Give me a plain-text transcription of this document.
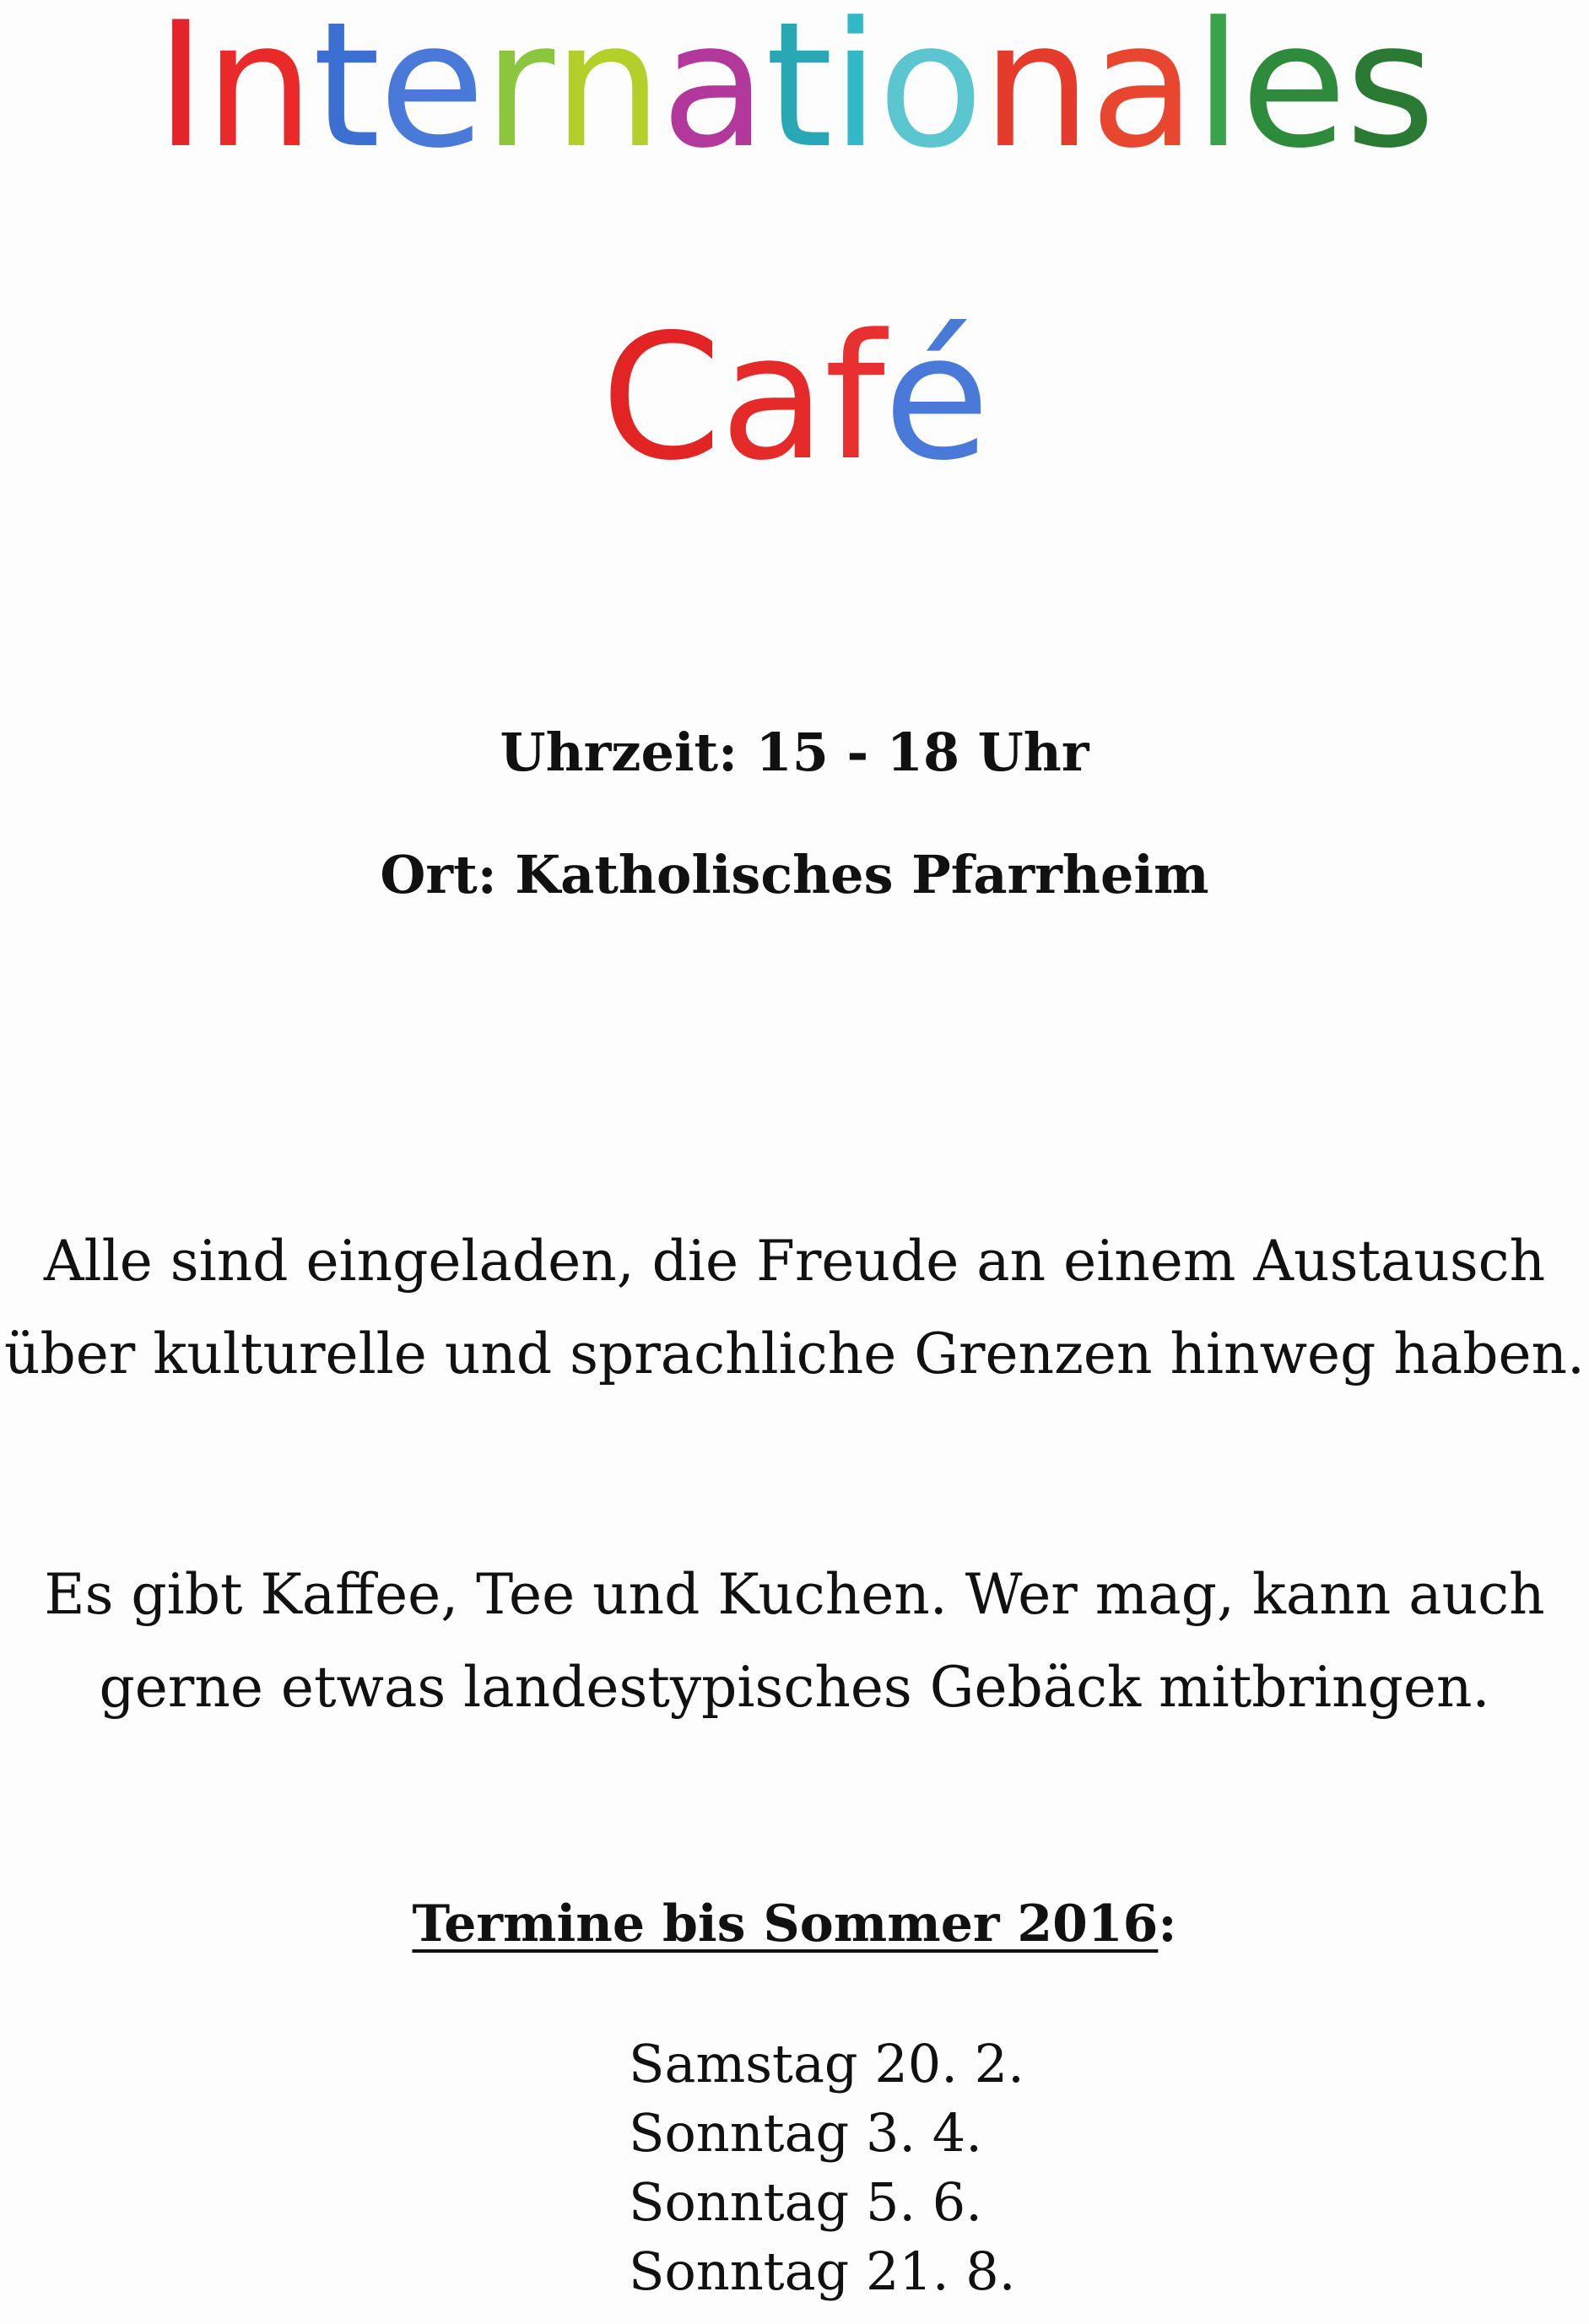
Internationales
Café
Uhrzeit: 15 - 18 Uhr
Ort: Katholisches Pfarrheim
Alle sind eingeladen, die Freude an einem Austausch
über kulturelle und sprachliche Grenzen hinweg haben.
Es gibt Kaffee, Tee und Kuchen. Wer mag, kann auch
gerne etwas landestypisches Gebäck mitbringen.
Termine bis Sommer 2016:
Samstag 20. 2.
Sonntag 3. 4.
Sonntag 5. 6.
Sonntag 21. 8.
